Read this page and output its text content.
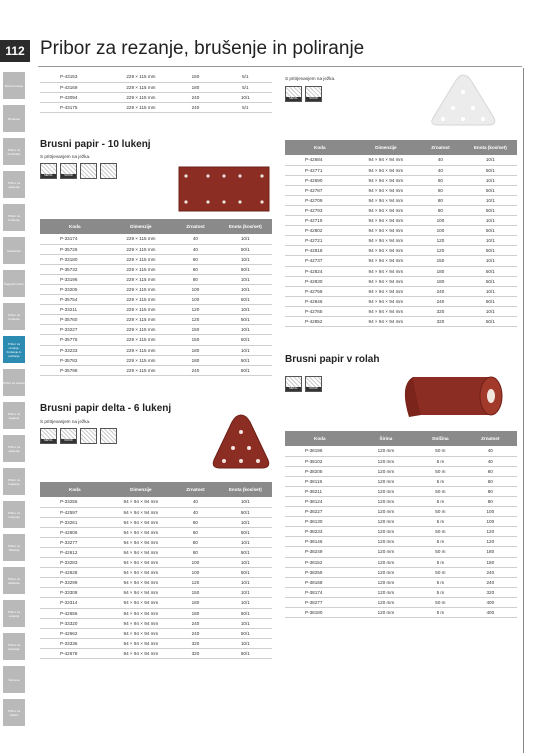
112 Pribor za rezanje, brušenje in poliranje
Razrezovanje
Brušenje
Pribor za brusilnike
Pribor za vijačenje
Pribor za brušenje
Diamantni
Žagarski pribor
Pribor za brušenje
Pribor za rezanje, brušenje in poliranje
Pribor za vrtanje
Pribor za žaganje
Pribor za vijačenje
Pribor za lepljenje
Pribor za merjenje
Pribor za čiščenje
Pribor za stiskanje
Pribor za varjenje
Pribor za barvanje
Delovne
Pribor za zaščito
P-43153	229 × 115 mm	150	5/1
P-43169	229 × 115 mm	180	5/1
P-43094	229 × 115 mm	240	10/1
P-43175	229 × 115 mm	240	5/1
S pritrjevanjem na ježka.
METAL	WOOD
Koda	Dimenzije	Zrnatost	Enota (kos/set)
P-42684	94 × 94 × 94 mm	40	10/1
P-42771	94 × 94 × 94 mm	40	50/1
P-42690	94 × 94 × 94 mm	60	10/1
P-42787	94 × 94 × 94 mm	60	50/1
P-42709	94 × 94 × 94 mm	80	10/1
P-42793	94 × 94 × 94 mm	80	50/1
P-42715	94 × 94 × 94 mm	100	10/1
P-42802	94 × 94 × 94 mm	100	50/1
P-42721	94 × 94 × 94 mm	120	10/1
P-42818	94 × 94 × 94 mm	120	50/1
P-42737	94 × 94 × 94 mm	150	10/1
P-42824	94 × 94 × 94 mm	180	50/1
P-42830	94 × 94 × 94 mm	180	50/1
P-42759	94 × 94 × 94 mm	240	10/1
P-42846	94 × 94 × 94 mm	240	50/1
P-42765	94 × 94 × 94 mm	320	10/1
P-42852	94 × 94 × 94 mm	320	50/1
Brusni papir - 10 lukenj
S pritrjevanjem na ježka.
METAL	WOOD
Koda	Dimenzije	Zrnatost	Enota (kos/set)
P-33174	229 × 115 mm	40	10/1
P-35726	229 × 115 mm	40	50/1
P-33180	229 × 115 mm	60	10/1
P-35732	229 × 115 mm	60	50/1
P-33196	229 × 115 mm	80	10/1
P-33205	229 × 115 mm	100	10/1
P-35754	229 × 115 mm	100	50/1
P-33211	229 × 115 mm	120	10/1
P-35760	229 × 115 mm	120	50/1
P-33227	229 × 115 mm	150	10/1
P-35776	229 × 115 mm	150	50/1
P-33233	229 × 115 mm	180	10/1
P-35782	229 × 115 mm	180	50/1
P-35798	229 × 115 mm	240	50/1
Brusni papir v rolah
METAL	WOOD
Koda	Širina	Dolžina	Zrnatost
P-38196	120 mm	50 m	40
P-38102	120 mm	5 m	40
P-38205	120 mm	50 m	60
P-38118	120 mm	5 m	60
P-38211	120 mm	50 m	80
P-38124	120 mm	5 m	80
P-38227	120 mm	50 m	100
P-38130	120 mm	5 m	100
P-38233	120 mm	50 m	120
P-38146	120 mm	5 m	120
P-38249	120 mm	50 m	180
P-38152	120 mm	5 m	180
P-38255	120 mm	50 m	240
P-38168	120 mm	5 m	240
P-38174	120 mm	5 m	320
P-38277	120 mm	50 m	400
P-38180	120 mm	5 m	400
Brusni papir delta - 6 lukenj
S pritrjevanjem na ježka.
METAL	WOOD
Koda	Dimenzije	Zrnatost	Enota (kos/set)
P-33255	94 × 94 × 94 mm	40	10/1
P-42597	94 × 94 × 94 mm	40	50/1
P-33261	94 × 94 × 94 mm	60	10/1
P-42606	94 × 94 × 94 mm	60	50/1
P-33277	94 × 94 × 94 mm	80	10/1
P-42612	94 × 94 × 94 mm	80	50/1
P-33283	94 × 94 × 94 mm	100	10/1
P-42628	94 × 94 × 94 mm	100	50/1
P-33299	94 × 94 × 94 mm	120	10/1
P-33308	94 × 94 × 94 mm	150	10/1
P-33314	94 × 94 × 94 mm	180	10/1
P-42656	94 × 94 × 94 mm	180	50/1
P-33320	94 × 94 × 94 mm	240	10/1
P-42662	94 × 94 × 94 mm	240	50/1
P-33336	94 × 94 × 94 mm	320	10/1
P-42678	94 × 94 × 94 mm	320	50/1
